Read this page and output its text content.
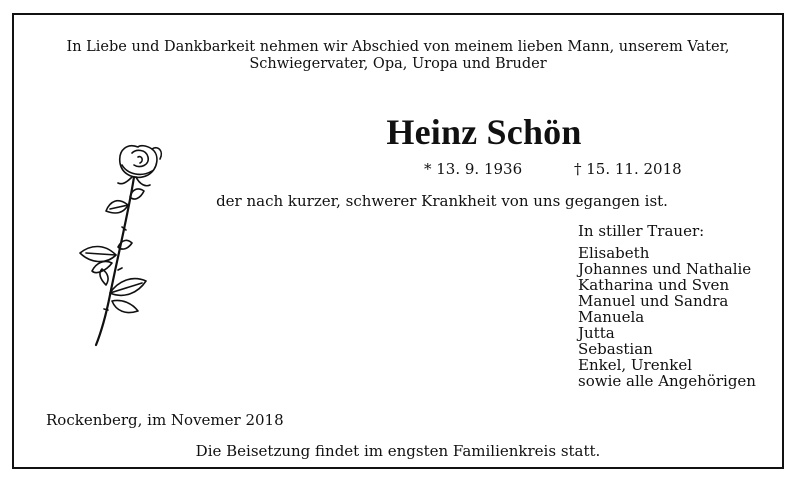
In Liebe und Dankbarkeit nehmen wir Abschied von meinem lieben Mann, unserem Vater,
Schwiegervater, Opa, Uropa und Bruder
Heinz Schön
* 13. 9. 1936	† 15. 11. 2018
der nach kurzer, schwerer Krankheit von uns gegangen ist.
In stiller Trauer:
Elisabeth
Johannes und Nathalie
Katharina und Sven
Manuel und Sandra
Manuela
Jutta
Sebastian
Enkel, Urenkel
sowie alle Angehörigen
Rockenberg, im Novemer 2018
Die Beisetzung findet im engsten Familienkreis statt.
